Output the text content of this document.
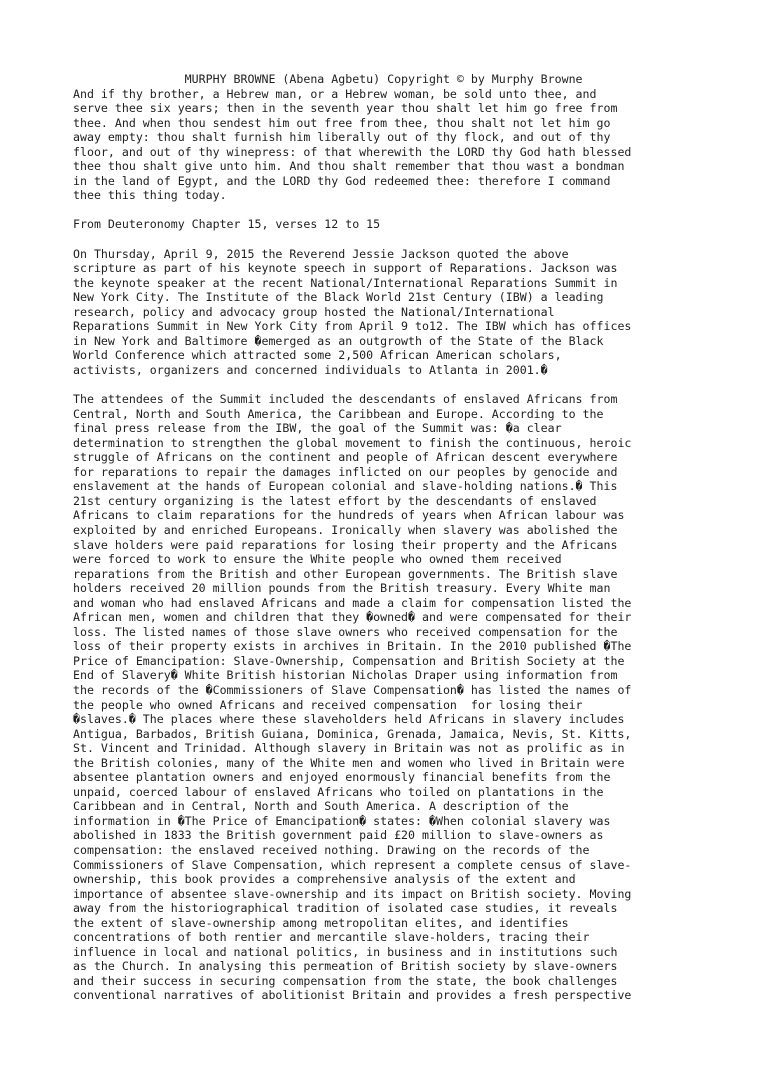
MURPHY BROWNE (Abena Agbetu) Copyright © by Murphy Browne
And if thy brother, a Hebrew man, or a Hebrew woman, be sold unto thee, and
serve thee six years; then in the seventh year thou shalt let him go free from
thee. And when thou sendest him out free from thee, thou shalt not let him go
away empty: thou shalt furnish him liberally out of thy flock, and out of thy
floor, and out of thy winepress: of that wherewith the LORD thy God hath blessed
thee thou shalt give unto him. And thou shalt remember that thou wast a bondman
in the land of Egypt, and the LORD thy God redeemed thee: therefore I command
thee this thing today.
From Deuteronomy Chapter 15, verses 12 to 15
On Thursday, April 9, 2015 the Reverend Jessie Jackson quoted the above
scripture as part of his keynote speech in support of Reparations. Jackson was
the keynote speaker at the recent National/International Reparations Summit in
New York City. The Institute of the Black World 21st Century (IBW) a leading
research, policy and advocacy group hosted the National/International
Reparations Summit in New York City from April 9 to12. The IBW which has offices
in New York and Baltimore �emerged as an outgrowth of the State of the Black
World Conference which attracted some 2,500 African American scholars,
activists, organizers and concerned individuals to Atlanta in 2001.�
The attendees of the Summit included the descendants of enslaved Africans from
Central, North and South America, the Caribbean and Europe. According to the
final press release from the IBW, the goal of the Summit was: �a clear
determination to strengthen the global movement to finish the continuous, heroic
struggle of Africans on the continent and people of African descent everywhere
for reparations to repair the damages inflicted on our peoples by genocide and
enslavement at the hands of European colonial and slave-holding nations.� This
21st century organizing is the latest effort by the descendants of enslaved
Africans to claim reparations for the hundreds of years when African labour was
exploited by and enriched Europeans. Ironically when slavery was abolished the
slave holders were paid reparations for losing their property and the Africans
were forced to work to ensure the White people who owned them received
reparations from the British and other European governments. The British slave
holders received 20 million pounds from the British treasury. Every White man
and woman who had enslaved Africans and made a claim for compensation listed the
African men, women and children that they �owned� and were compensated for their
loss. The listed names of those slave owners who received compensation for the
loss of their property exists in archives in Britain. In the 2010 published �The
Price of Emancipation: Slave-Ownership, Compensation and British Society at the
End of Slavery� White British historian Nicholas Draper using information from
the records of the �Commissioners of Slave Compensation� has listed the names of
the people who owned Africans and received compensation  for losing their
�slaves.� The places where these slaveholders held Africans in slavery includes
Antigua, Barbados, British Guiana, Dominica, Grenada, Jamaica, Nevis, St. Kitts,
St. Vincent and Trinidad. Although slavery in Britain was not as prolific as in
the British colonies, many of the White men and women who lived in Britain were
absentee plantation owners and enjoyed enormously financial benefits from the
unpaid, coerced labour of enslaved Africans who toiled on plantations in the
Caribbean and in Central, North and South America. A description of the
information in �The Price of Emancipation� states: �When colonial slavery was
abolished in 1833 the British government paid £20 million to slave-owners as
compensation: the enslaved received nothing. Drawing on the records of the
Commissioners of Slave Compensation, which represent a complete census of slave-
ownership, this book provides a comprehensive analysis of the extent and
importance of absentee slave-ownership and its impact on British society. Moving
away from the historiographical tradition of isolated case studies, it reveals
the extent of slave-ownership among metropolitan elites, and identifies
concentrations of both rentier and mercantile slave-holders, tracing their
influence in local and national politics, in business and in institutions such
as the Church. In analysing this permeation of British society by slave-owners
and their success in securing compensation from the state, the book challenges
conventional narratives of abolitionist Britain and provides a fresh perspective
